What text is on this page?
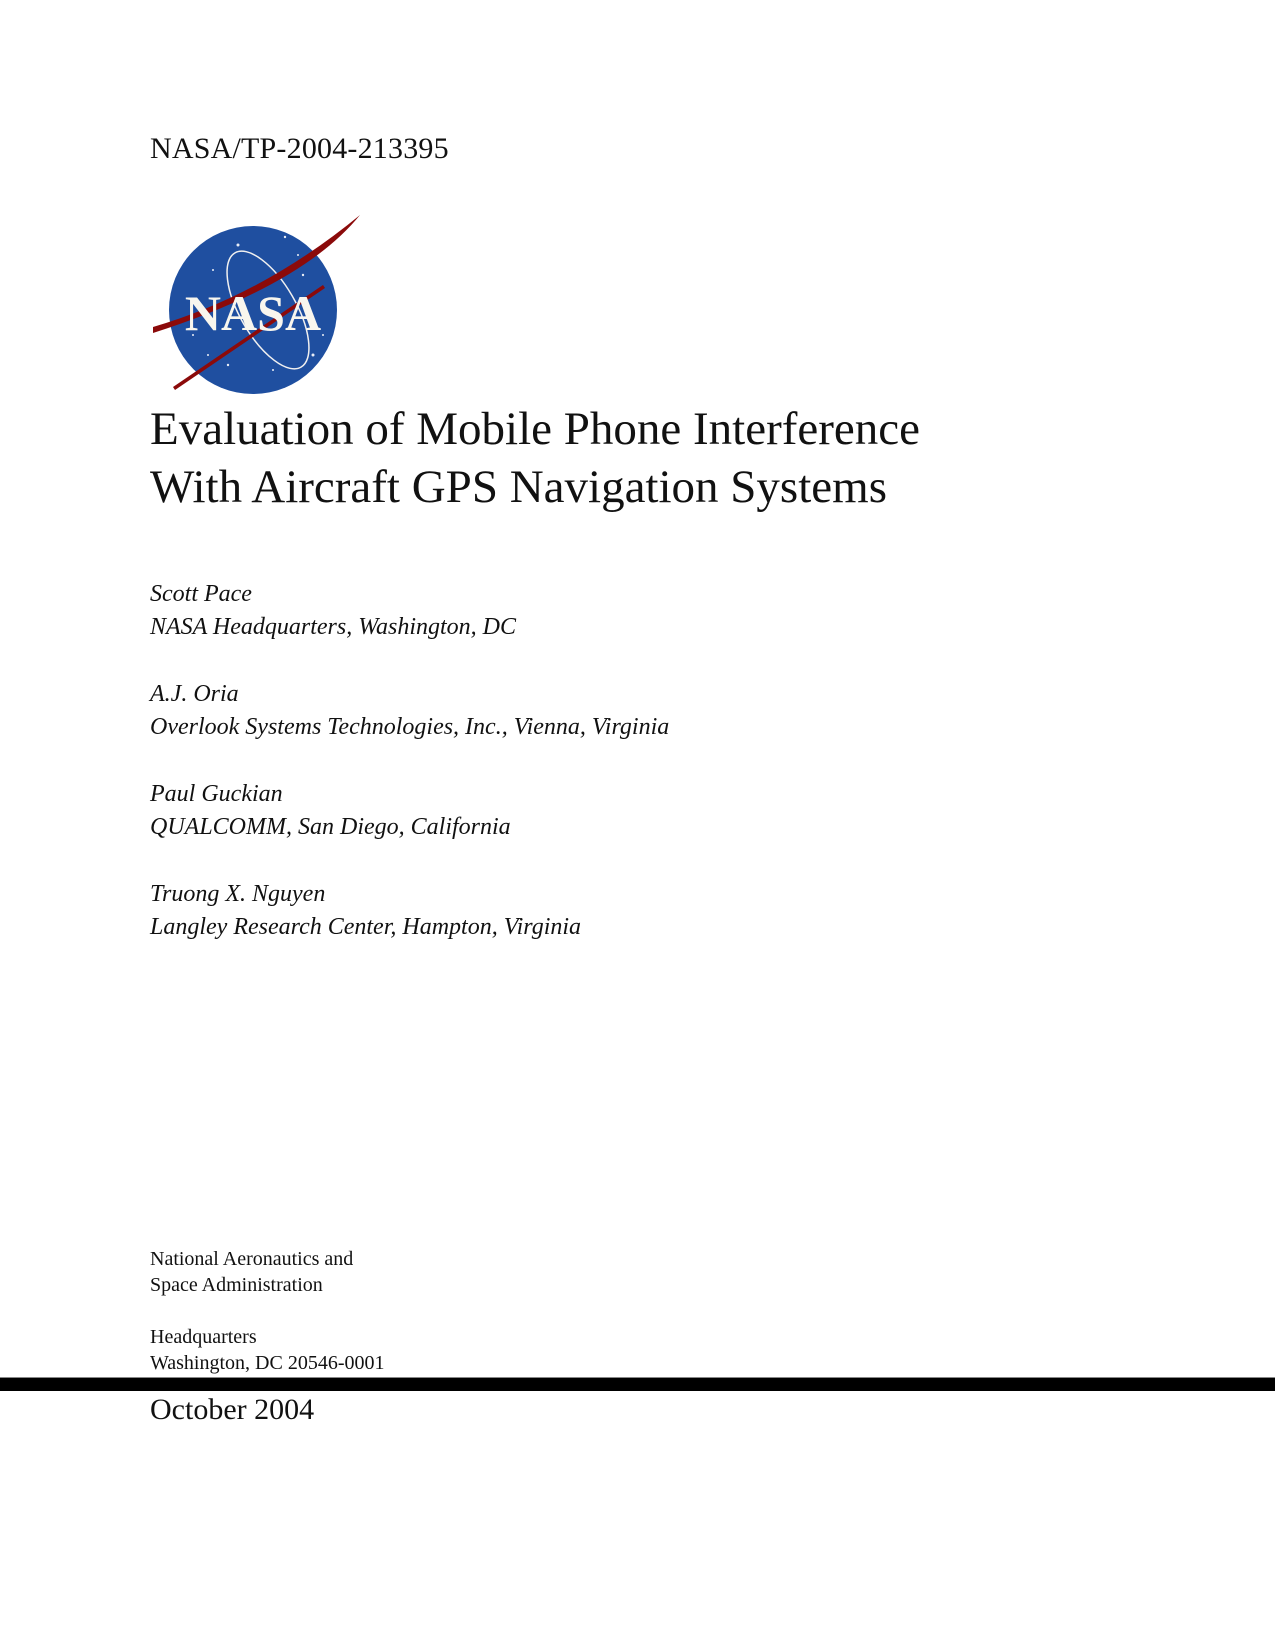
NASA/TP-2004-213395
NASA
Evaluation of Mobile Phone Interference
With Aircraft GPS Navigation Systems
Scott Pace
NASA Headquarters, Washington, DC
A.J. Oria
Overlook Systems Technologies, Inc., Vienna, Virginia
Paul Guckian
QUALCOMM, San Diego, California
Truong X. Nguyen
Langley Research Center, Hampton, Virginia
National Aeronautics and
Space Administration
Headquarters
Washington, DC 20546-0001
October 2004
